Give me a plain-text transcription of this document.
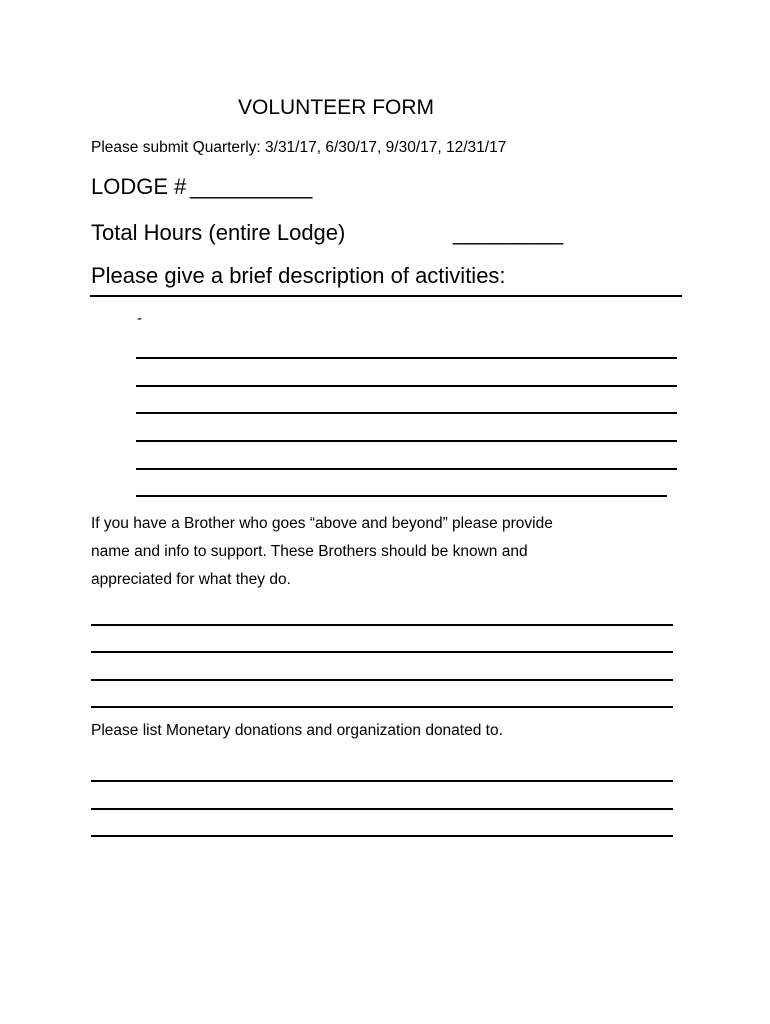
VOLUNTEER FORM
Please submit Quarterly: 3/31/17, 6/30/17, 9/30/17, 12/31/17
LODGE # __________
Total Hours (entire Lodge)	_________
Please give a brief description of activities:
-
If you have a Brother who goes “above and beyond” please provide
name and info to support. These Brothers should be known and
appreciated for what they do.
Please list Monetary donations and organization donated to.
